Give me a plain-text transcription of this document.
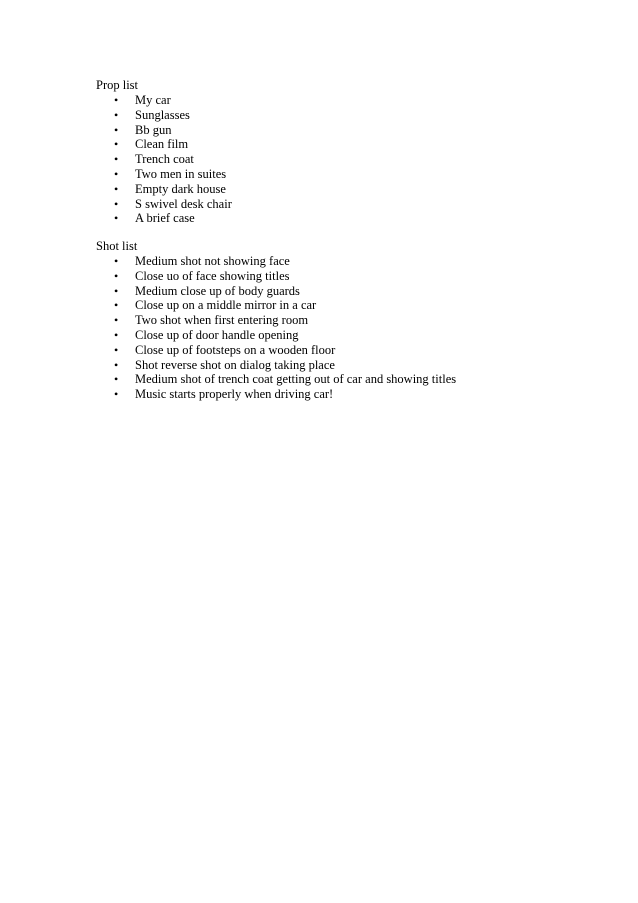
Prop list

• My car
• Sunglasses
• Bb gun
• Clean film
• Trench coat
• Two men in suites
• Empty dark house
• S swivel desk chair
• A brief case

Shot list

• Medium shot not showing face
• Close uo of face showing titles
• Medium close up of body guards
• Close up on a middle mirror in a car
• Two shot when first entering room
• Close up of door handle opening
• Close up of footsteps on a wooden floor
• Shot reverse shot on dialog taking place
• Medium shot of trench coat getting out of car and showing titles
• Music starts properly when driving car!
